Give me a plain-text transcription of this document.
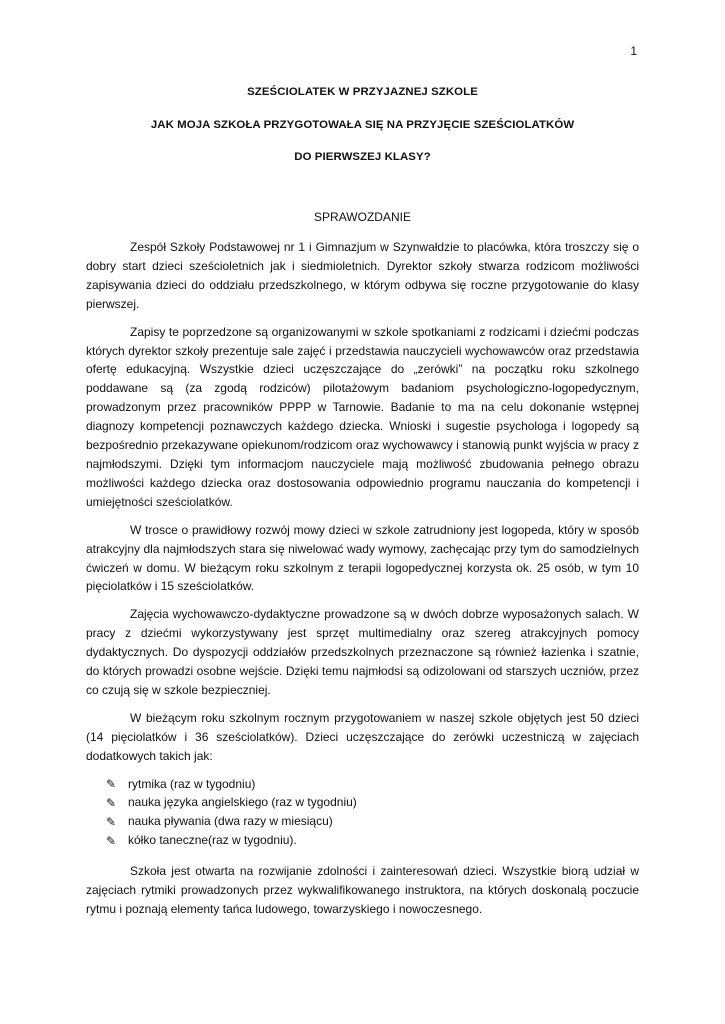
1
SZEŚCIOLATEK W PRZYJAZNEJ SZKOLE
JAK MOJA SZKOŁA PRZYGOTOWAŁA SIĘ NA PRZYJĘCIE SZEŚCIOLATKÓW
DO PIERWSZEJ KLASY?
SPRAWOZDANIE

Zespół Szkoły Podstawowej nr 1 i Gimnazjum w Szynwałdzie to placówka, która troszczy się o dobry start dzieci sześcioletnich jak i siedmioletnich. Dyrektor szkoły stwarza rodzicom możliwości zapisywania dzieci do oddziału przedszkolnego, w którym odbywa się roczne przygotowanie do klasy pierwszej.

Zapisy te poprzedzone są organizowanymi w szkole spotkaniami z rodzicami i dziećmi podczas których dyrektor szkoły prezentuje sale zajęć i przedstawia nauczycieli wychowawców oraz przedstawia ofertę edukacyjną. Wszystkie dzieci uczęszczające do „zerówki” na początku roku szkolnego poddawane są (za zgodą rodziców) pilotażowym badaniom psychologiczno-logopedycznym, prowadzonym przez pracowników PPPP w Tarnowie. Badanie to ma na celu dokonanie wstępnej diagnozy kompetencji poznawczych każdego dziecka. Wnioski i sugestie psychologa i logopedy są bezpośrednio przekazywane opiekunom/rodzicom oraz wychowawcy i stanowią punkt wyjścia w pracy z najmłodszymi. Dzięki tym informacjom nauczyciele mają możliwość zbudowania pełnego obrazu możliwości każdego dziecka oraz dostosowania odpowiednio programu nauczania do kompetencji i umiejętności sześciolatków.

W trosce o prawidłowy rozwój mowy dzieci w szkole zatrudniony jest logopeda, który w sposób atrakcyjny dla najmłodszych stara się niwelować wady wymowy, zachęcając przy tym do samodzielnych ćwiczeń w domu. W bieżącym roku szkolnym z terapii logopedycznej korzysta ok. 25 osób, w tym 10 pięciolatków i 15 sześciolatków.

Zajęcia wychowawczo-dydaktyczne prowadzone są w dwóch dobrze wyposażonych salach. W pracy z dziećmi wykorzystywany jest sprzęt multimedialny oraz szereg atrakcyjnych pomocy dydaktycznych. Do dyspozycji oddziałów przedszkolnych przeznaczone są również łazienka i szatnie, do których prowadzi osobne wejście. Dzięki temu najmłodsi są odizolowani od starszych uczniów, przez co czują się w szkole bezpieczniej.

W bieżącym roku szkolnym rocznym przygotowaniem w naszej szkole objętych jest 50 dzieci (14 pięciolatków i 36 sześciolatków). Dzieci uczęszczające do zerówki uczestniczą w zajęciach dodatkowych takich jak:

✎ rytmika (raz w tygodniu)
✎ nauka języka angielskiego (raz w tygodniu)
✎ nauka pływania (dwa razy w miesiącu)
✎ kółko taneczne(raz w tygodniu).

Szkoła jest otwarta na rozwijanie zdolności i zainteresowań dzieci. Wszystkie biorą udział w zajęciach rytmiki prowadzonych przez wykwalifikowanego instruktora, na których doskonalą poczucie rytmu i poznają elementy tańca ludowego, towarzyskiego i nowoczesnego.
